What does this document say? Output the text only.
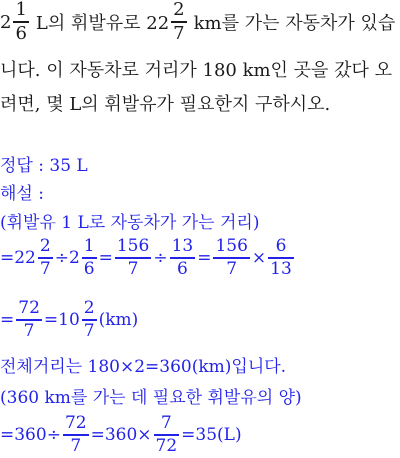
$2 \frac{1}{6}$ L의 휘발유로 $22 \frac{2}{7}$ km를 가는 자동차가 있습
니다. 이 자동차로 거리가 180 km인 곳을 갔다 오
려면, 몇 L의 휘발유가 필요한지 구하시오.
정답 : 35 L
해설 :
(휘발유 1 L로 자동차가 가는 거리)
$=22 \frac{2}{7} \div 2 \frac{1}{6} = \frac{156}{7} \div \frac{13}{6} = \frac{156}{7} \times \frac{6}{13}$
= $\frac{72}{7} =10 \frac{2}{7} (km)$
전체거리는 180×2=360(km)입니다.
(360 km를 가는 데 필요한 휘발유의 양)
$=360\div \frac{72}{7} =360\times \frac{7}{72} =35(L)$
